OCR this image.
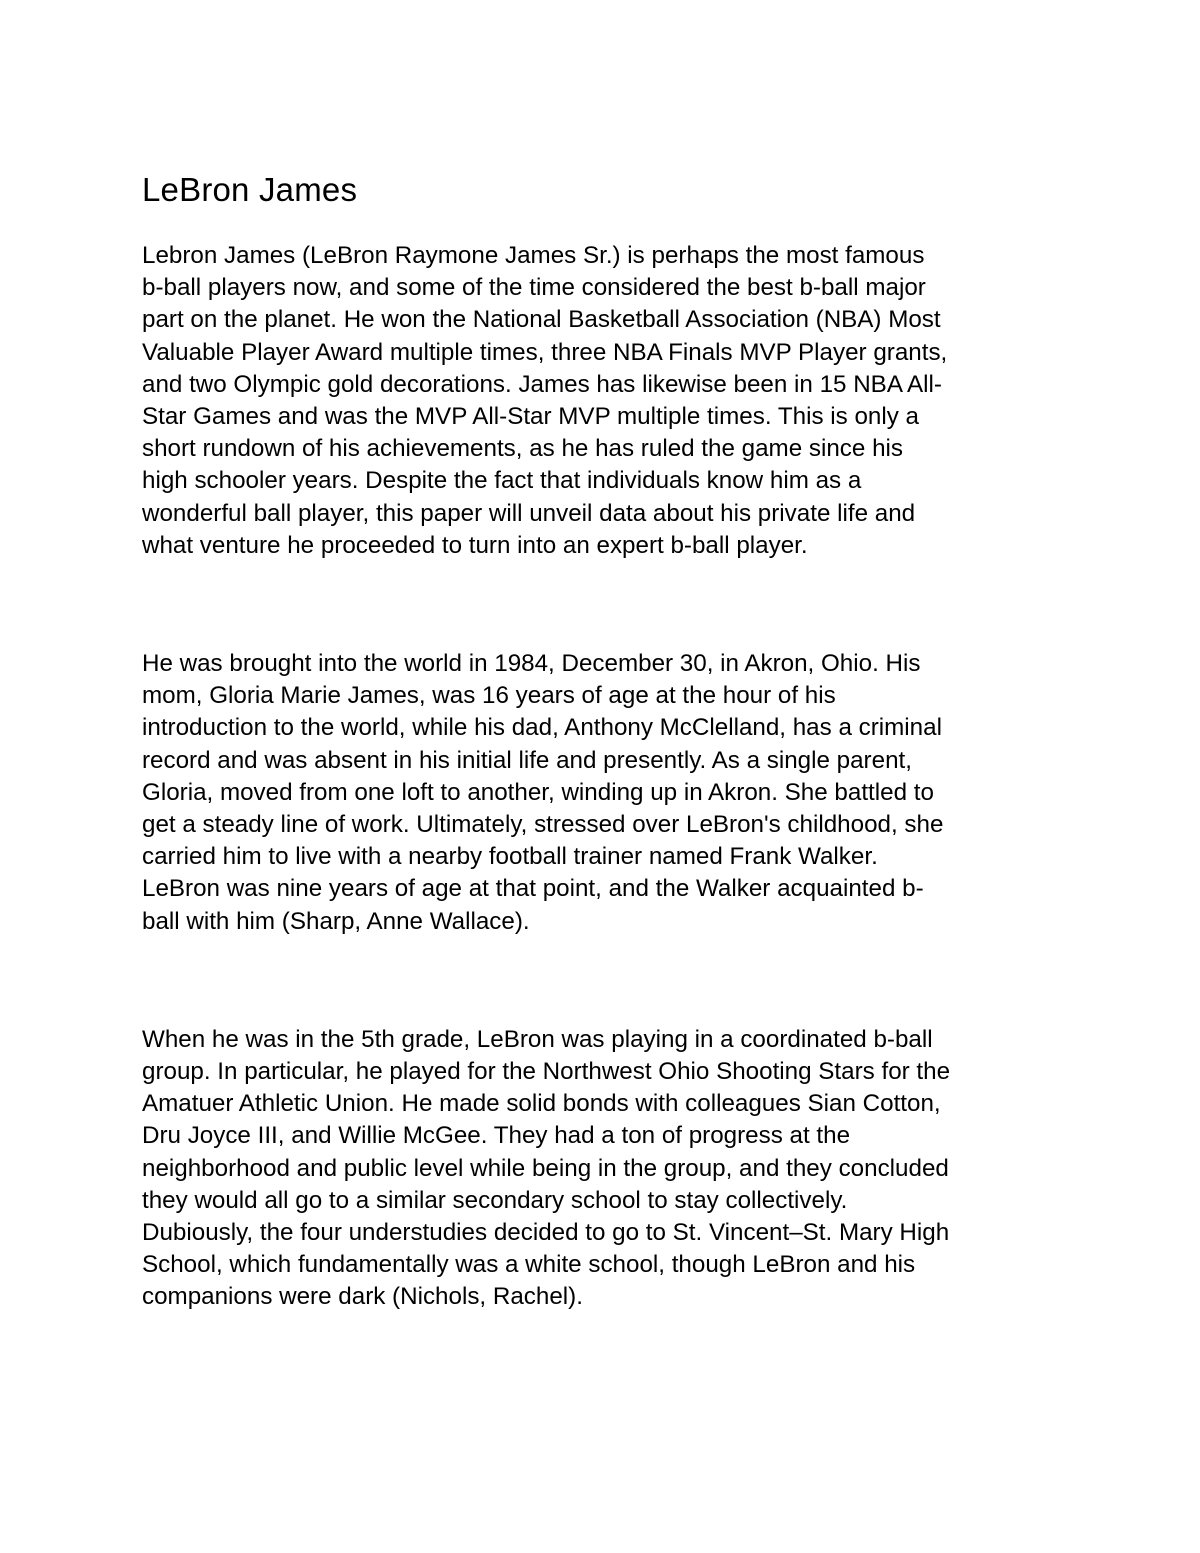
LeBron James

Lebron James (LeBron Raymone James Sr.) is perhaps the most famous
b-ball players now, and some of the time considered the best b-ball major
part on the planet. He won the National Basketball Association (NBA) Most
Valuable Player Award multiple times, three NBA Finals MVP Player grants,
and two Olympic gold decorations. James has likewise been in 15 NBA All-
Star Games and was the MVP All-Star MVP multiple times. This is only a
short rundown of his achievements, as he has ruled the game since his
high schooler years. Despite the fact that individuals know him as a
wonderful ball player, this paper will unveil data about his private life and
what venture he proceeded to turn into an expert b-ball player.

He was brought into the world in 1984, December 30, in Akron, Ohio. His
mom, Gloria Marie James, was 16 years of age at the hour of his
introduction to the world, while his dad, Anthony McClelland, has a criminal
record and was absent in his initial life and presently. As a single parent,
Gloria, moved from one loft to another, winding up in Akron. She battled to
get a steady line of work. Ultimately, stressed over LeBron's childhood, she
carried him to live with a nearby football trainer named Frank Walker.
LeBron was nine years of age at that point, and the Walker acquainted b-
ball with him (Sharp, Anne Wallace).

When he was in the 5th grade, LeBron was playing in a coordinated b-ball
group. In particular, he played for the Northwest Ohio Shooting Stars for the
Amatuer Athletic Union. He made solid bonds with colleagues Sian Cotton,
Dru Joyce III, and Willie McGee. They had a ton of progress at the
neighborhood and public level while being in the group, and they concluded
they would all go to a similar secondary school to stay collectively.
Dubiously, the four understudies decided to go to St. Vincent–St. Mary High
School, which fundamentally was a white school, though LeBron and his
companions were dark (Nichols, Rachel).
